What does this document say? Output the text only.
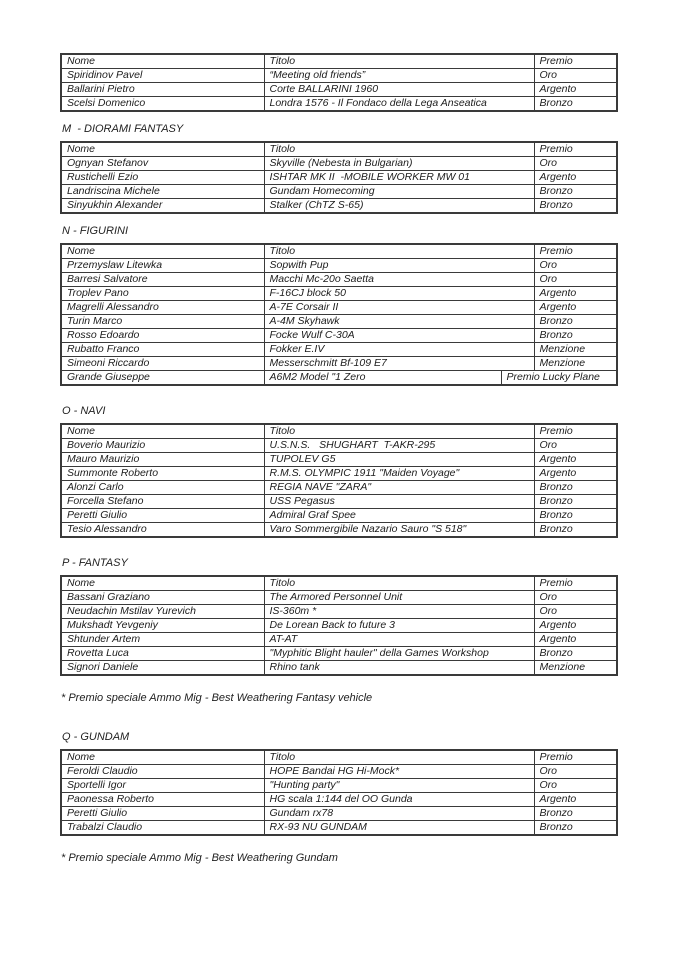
Nome	Titolo	Premio
Spiridinov Pavel	“Meeting old friends”	Oro
Ballarini Pietro	Corte BALLARINI 1960	Argento
Scelsi Domenico	Londra 1576 - Il Fondaco della Lega Anseatica	Bronzo
M  - DIORAMI FANTASY
Nome	Titolo	Premio
Ognyan Stefanov	Skyville (Nebesta in Bulgarian)	Oro
Rustichelli Ezio	ISHTAR MK II  -MOBILE WORKER MW 01	Argento
Landriscina Michele	Gundam Homecoming	Bronzo
Sinyukhin Alexander	Stalker (ChTZ S-65)	Bronzo
N - FIGURINI
Nome	Titolo		Premio
Przemyslaw Litewka	Sopwith Pup		Oro
Barresi Salvatore	Macchi Mc-20o Saetta		Oro
Troplev Pano	F-16CJ block 50		Argento
Magrelli Alessandro	A-7E Corsair II		Argento
Turin Marco	A-4M Skyhawk		Bronzo
Rosso Edoardo	Focke Wulf C-30A		Bronzo
Rubatto Franco	Fokker E.IV		Menzione
Simeoni Riccardo	Messerschmitt Bf-109 E7		Menzione
Grande Giuseppe	A6M2 Model "1 Zero	Premio Lucky Plane	
O - NAVI
Nome	Titolo	Premio
Boverio Maurizio	U.S.N.S.   SHUGHART  T-AKR-295	Oro
Mauro Maurizio	TUPOLEV G5	Argento
Summonte Roberto	R.M.S. OLYMPIC 1911 "Maiden Voyage"	Argento
Alonzi Carlo	REGIA NAVE "ZARA"	Bronzo
Forcella Stefano	USS Pegasus	Bronzo
Peretti Giulio	Admiral Graf Spee	Bronzo
Tesio Alessandro	Varo Sommergibile Nazario Sauro "S 518"	Bronzo
P - FANTASY
Nome	Titolo	Premio
Bassani Graziano	The Armored Personnel Unit	Oro
Neudachin Mstilav Yurevich	IS-360m *	Oro
Mukshadt Yevgeniy	De Lorean Back to future 3	Argento
Shtunder Artem	AT-AT	Argento
Rovetta Luca	"Myphitic Blight hauler" della Games Workshop	Bronzo
Signori Daniele	Rhino tank	Menzione
* Premio speciale Ammo Mig - Best Weathering Fantasy vehicle
Q - GUNDAM
Nome	Titolo	Premio
Feroldi Claudio	HOPE Bandai HG Hi-Mock*	Oro
Sportelli Igor	"Hunting party"	Oro
Paonessa Roberto	HG scala 1:144 del OO Gunda	Argento
Peretti Giulio	Gundam rx78	Bronzo
Trabalzi Claudio	RX-93 NU GUNDAM	Bronzo
* Premio speciale Ammo Mig - Best Weathering Gundam
